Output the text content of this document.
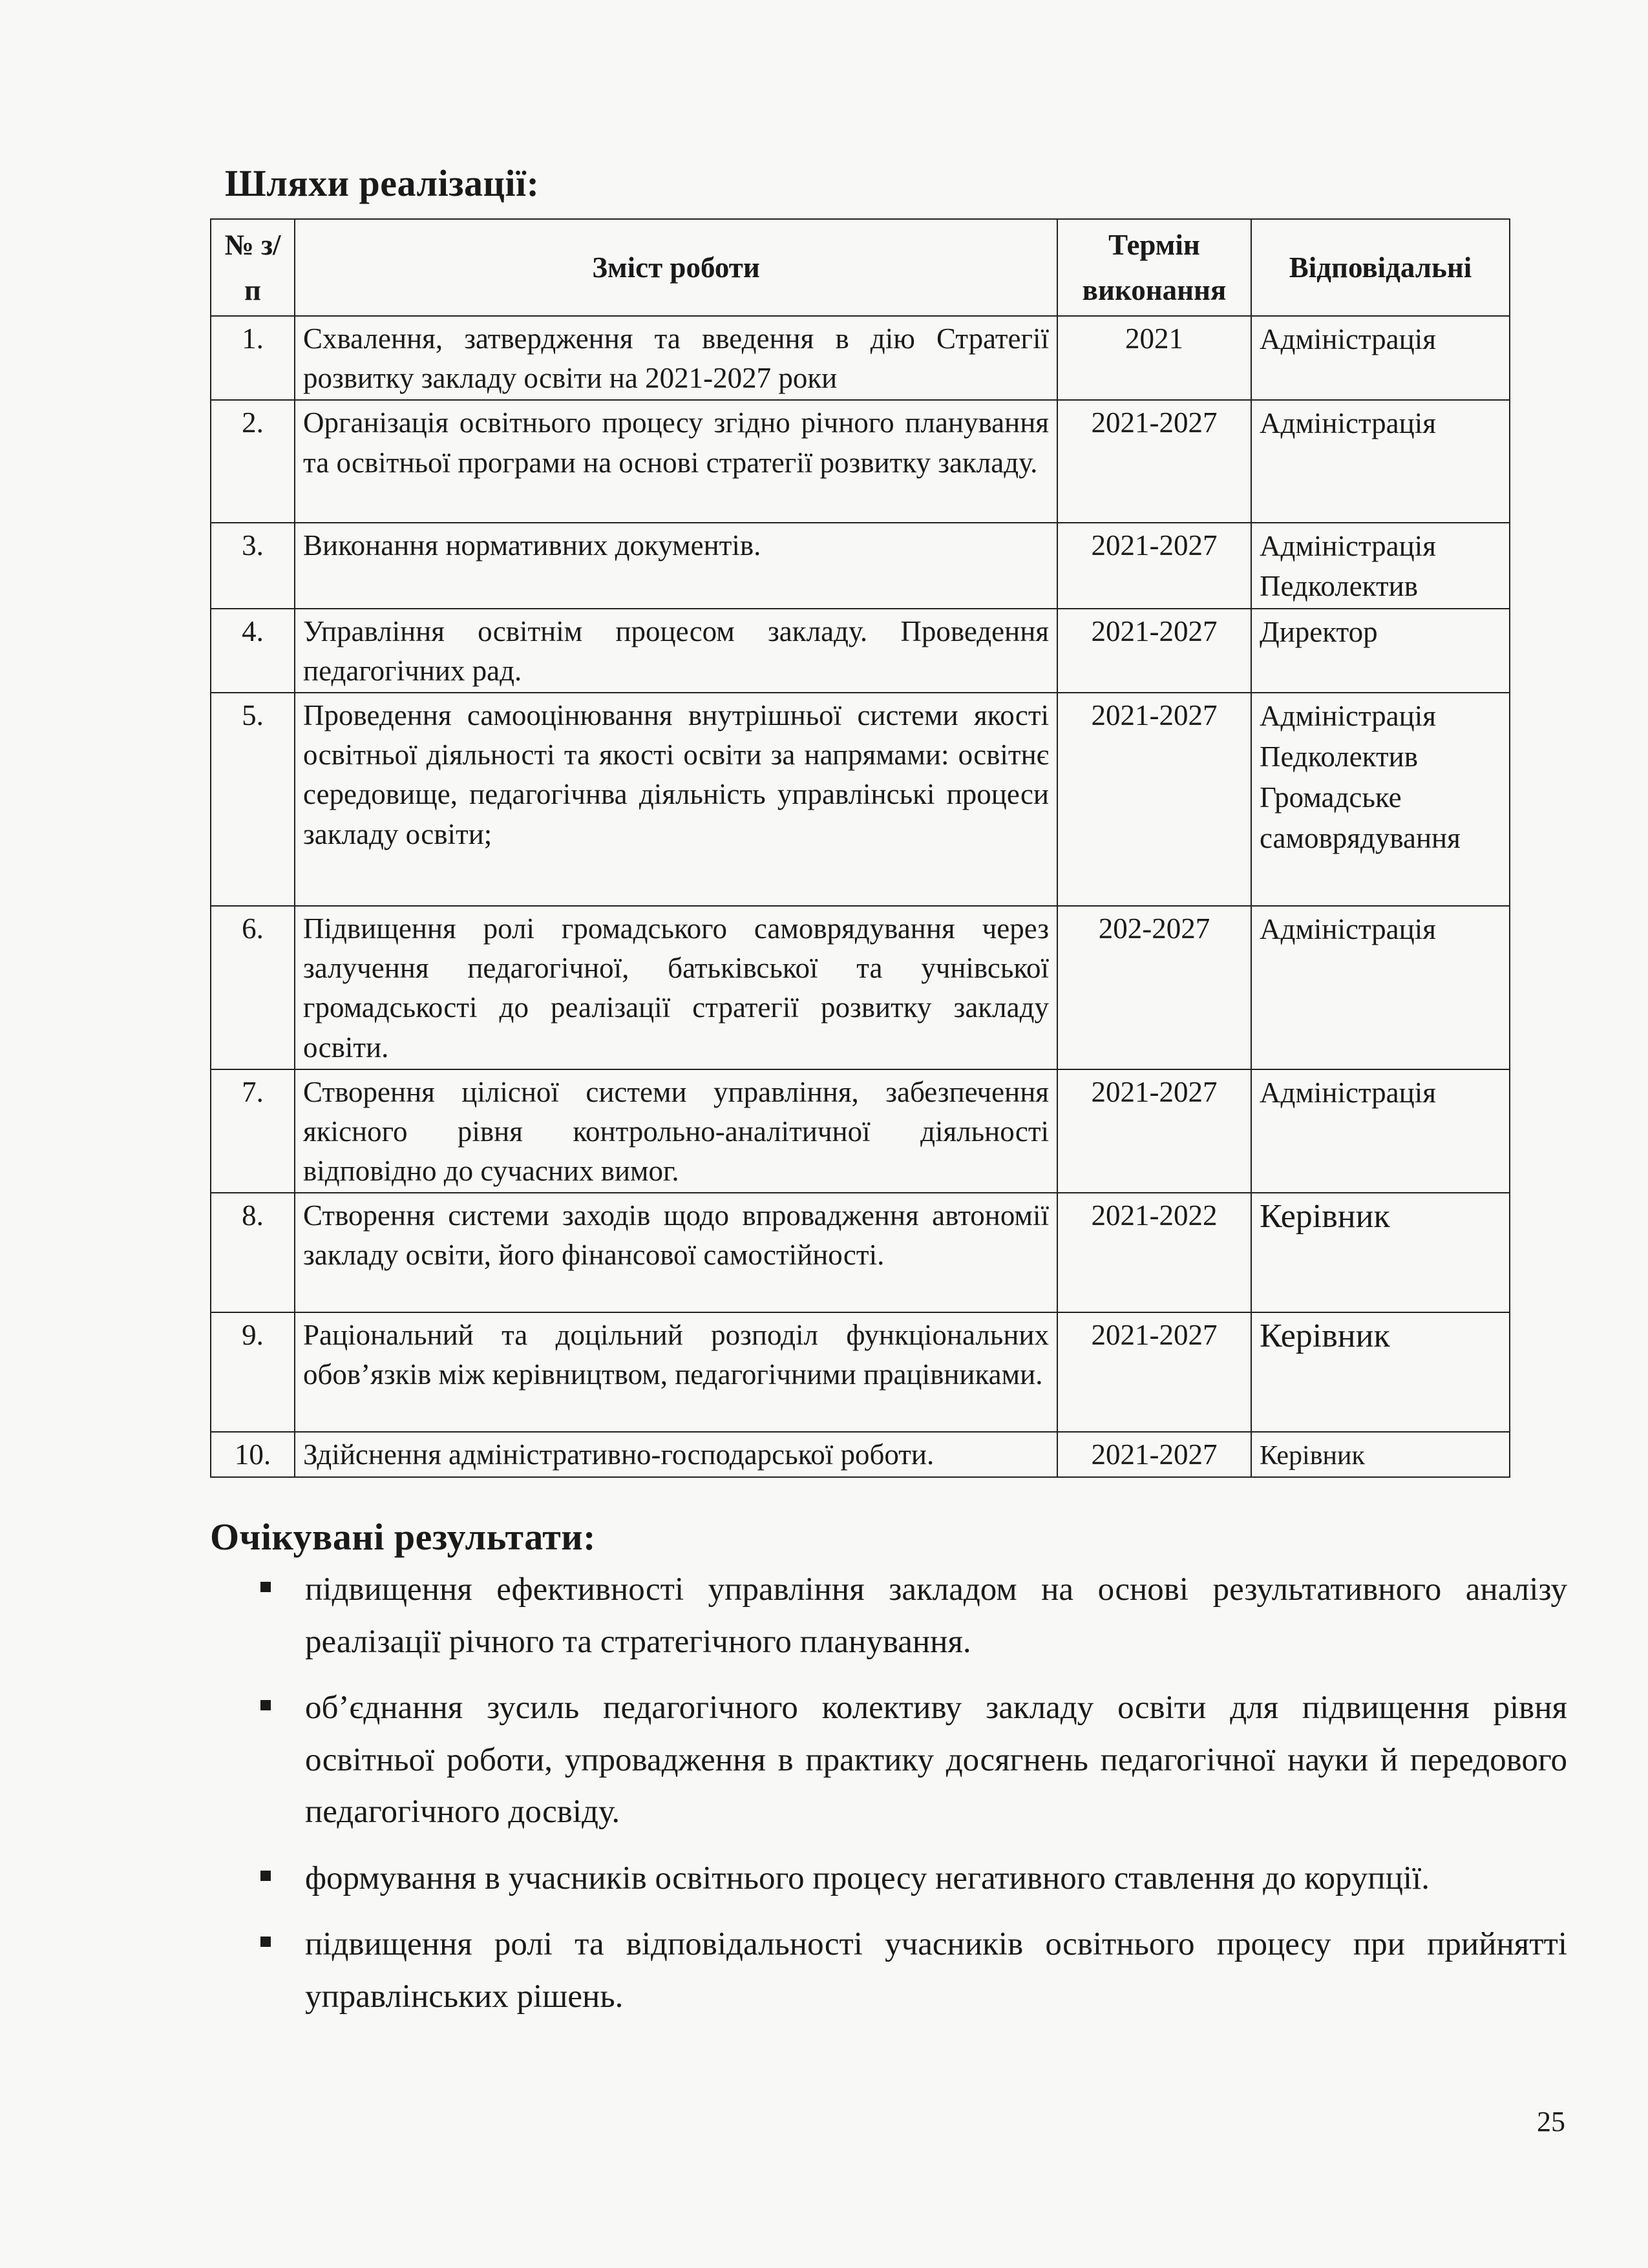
Шляхи реалізації:
№ з/п	Зміст роботи	Термін виконання	Відповідальні
1.	Схвалення, затвердження та введення в дію Стратегії розвитку закладу освіти на 2021-2027 роки	2021	Адміністрація

2.	Організація освітнього процесу згідно річного планування та освітньої програми на основі стратегії розвитку закладу.	2021-2027	Адміністрація

3.	Виконання нормативних документів.	2021-2027	Адміністрація
Педколектив

4.	Управління освітнім процесом закладу. Проведення педагогічних рад.	2021-2027	Директор

5.	Проведення самооцінювання внутрішньої системи якості освітньої діяльності та якості освіти за напрямами: освітнє середовище, педагогічнва діяльність управлінські процеси закладу освіти;	2021-2027	Адміністрація
Педколектив
Громадське самоврядування

6.	Підвищення ролі громадського самоврядування через залучення педагогічної, батьківської та учнівської громадськості до реалізації стратегії розвитку закладу освіти.	202-2027	Адміністрація

7.	Створення цілісної системи управління, забезпечення якісного рівня контрольно-аналітичної діяльності відповідно до сучасних вимог.	2021-2027	Адміністрація

8.	Створення системи заходів щодо впровадження автономії закладу освіти, його фінансової самостійності.	2021-2022	Керівник

9.	Раціональний та доцільний розподіл функціональних обов’язків між керівництвом, педагогічними працівниками.	2021-2027	Керівник

10.	Здійснення адміністративно-господарської роботи.	2021-2027	Керівник
Очікувані результати:
підвищення ефективності управління закладом на основі результативного аналізу реалізації річного та стратегічного планування.
об’єднання зусиль педагогічного колективу закладу освіти для підвищення рівня освітньої роботи, упровадження в практику досягнень педагогічної науки й передового педагогічного досвіду.
формування в учасників освітнього процесу негативного ставлення до корупції.
підвищення ролі та відповідальності учасників освітнього процесу при прийнятті управлінських рішень.
25
